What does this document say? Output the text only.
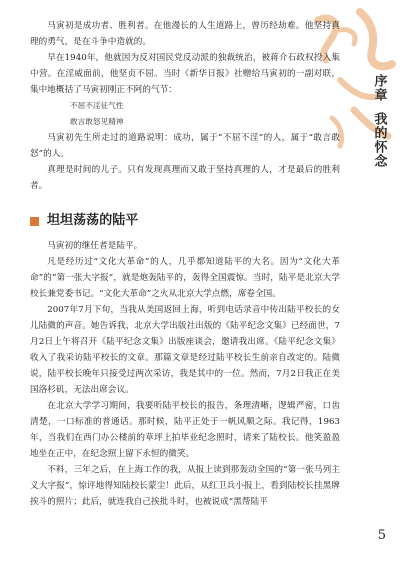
序章
我的怀念

马寅初是成功者、胜利者。在他漫长的人生道路上，曾历经劫难。他坚持真理的勇气，是在斗争中造就的。

早在1940年，他就因为反对国民党反动派的独裁统治，被蒋介石政权投入集中营。在淫威面前，他坚贞不屈。当时《新华日报》社赠给马寅初的一副对联，集中地概括了马寅初刚正不阿的气节：

不屈不淫征气性
敢言敢怒见精神

马寅初先生所走过的道路说明：成功，属于“不屈不淫”的人，属于“敢言敢怒”的人。

真理是时间的儿子。只有发现真理而又敢于坚持真理的人，才是最后的胜利者。

坦坦荡荡的陆平

马寅初的继任者是陆平。

凡是经历过“文化大革命”的人，几乎都知道陆平的大名。因为“文化大革命”的“第一张大字报”，就是炮轰陆平的，轰得全国震惊。当时，陆平是北京大学校长兼党委书记。“文化大革命”之火从北京大学点燃，席卷全国。

2007年7月下旬，当我从美国返回上海，听到电话录音中传出陆平校长的女儿陆微的声音。她告诉我，北京大学出版社出版的《陆平纪念文集》已经面世，7月2日上午将召开《陆平纪念文集》出版座谈会，邀请我出席。《陆平纪念文集》收入了我采访陆平校长的文章。那篇文章是经过陆平校长生前亲自改定的。陆微说，陆平校长晚年只接受过两次采访，我是其中的一位。然而，7月2日我正在美国洛杉矶，无法出席会议。

在北京大学学习期间，我要听陆平校长的报告，条理清晰，逻辑严密，口齿清楚，一口标准的普通话。那时候，陆平正处于一帆风顺之际。我记得，1963年，当我们在西门办公楼前的草坪上拍毕业纪念照时，请来了陆校长。他笑盈盈地坐在正中，在纪念照上留下永恒的微笑。

不料，三年之后，在上海工作的我，从报上读到那轰动全国的“第一张马列主义大字报”，惊评地得知陆校长蒙尘！此后，从红卫兵小报上，看到陆校长挂黑牌挨斗的照片；此后，就连我自己挨批斗时，也被说成“黑帮陆平

5
